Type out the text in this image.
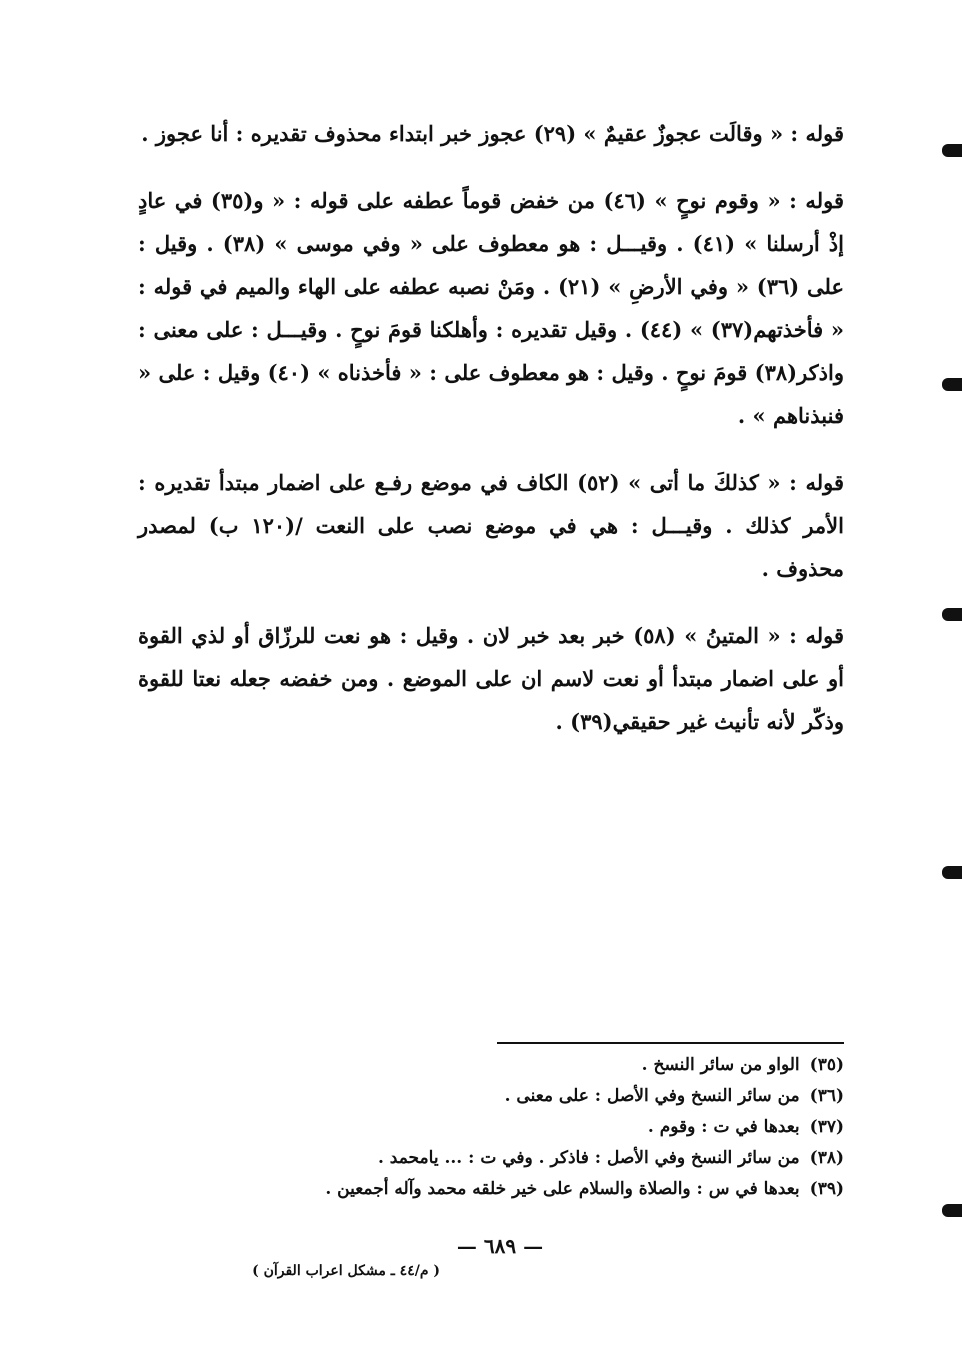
قوله : « وقالَت عجوزٌ عقيمٌ » (٢٩) عجوز خبر ابتداء محذوف تقديره : أنا عجوز .

قوله : « وقوم نوحٍ » (٤٦) من خفض قوماً عطفه على قوله : « و(٣٥) في عادٍ إذْ أرسلنا » (٤١) . وقيـــل : هو معطوف على « وفي موسى » (٣٨) . وقيل : على (٣٦) « وفي الأرضِ » (٢١) . ومَنْ نصبه عطفه على الهاء والميم في قوله : « فأخذتهم(٣٧) » (٤٤) . وقيل تقديره : وأهلكنا قومَ نوحٍ . وقيـــل : على معنى : واذكر(٣٨) قومَ نوحٍ . وقيل : هو معطوف على : « فأخذناه » (٤٠) وقيل : على « فنبذناهم » .

قوله : « كذلكَ ما أتى » (٥٢) الكاف في موضع رفـع على اضمار مبتدأ تقديره : الأمر كذلك . وقيـــل : هي في موضع نصب على النعت /(١٢٠ ب) لمصدر محذوف .

قوله : « المتينُ » (٥٨) خبر بعد خبر لان . وقيل : هو نعت للرزّاق أو لذي القوة أو على اضمار مبتدأ أو نعت لاسم ان على الموضع . ومن خفضه جعله نعتا للقوة وذكّر لأنه تأنيث غير حقيقي(٣٩) .

(٣٥)الواو من سائر النسخ .
(٣٦)من سائر النسخ وفي الأصل : على معنى .
(٣٧)بعدها في ت : وقوم .
(٣٨)من سائر النسخ وفي الأصل : فاذكر . وفي ت : ... يامحمد .
(٣٩)بعدها في س : والصلاة والسلام على خير خلقه محمد وآله أجمعين .
— ٦٨٩ —
( م/٤٤ ـ مشكل اعراب القرآن )
